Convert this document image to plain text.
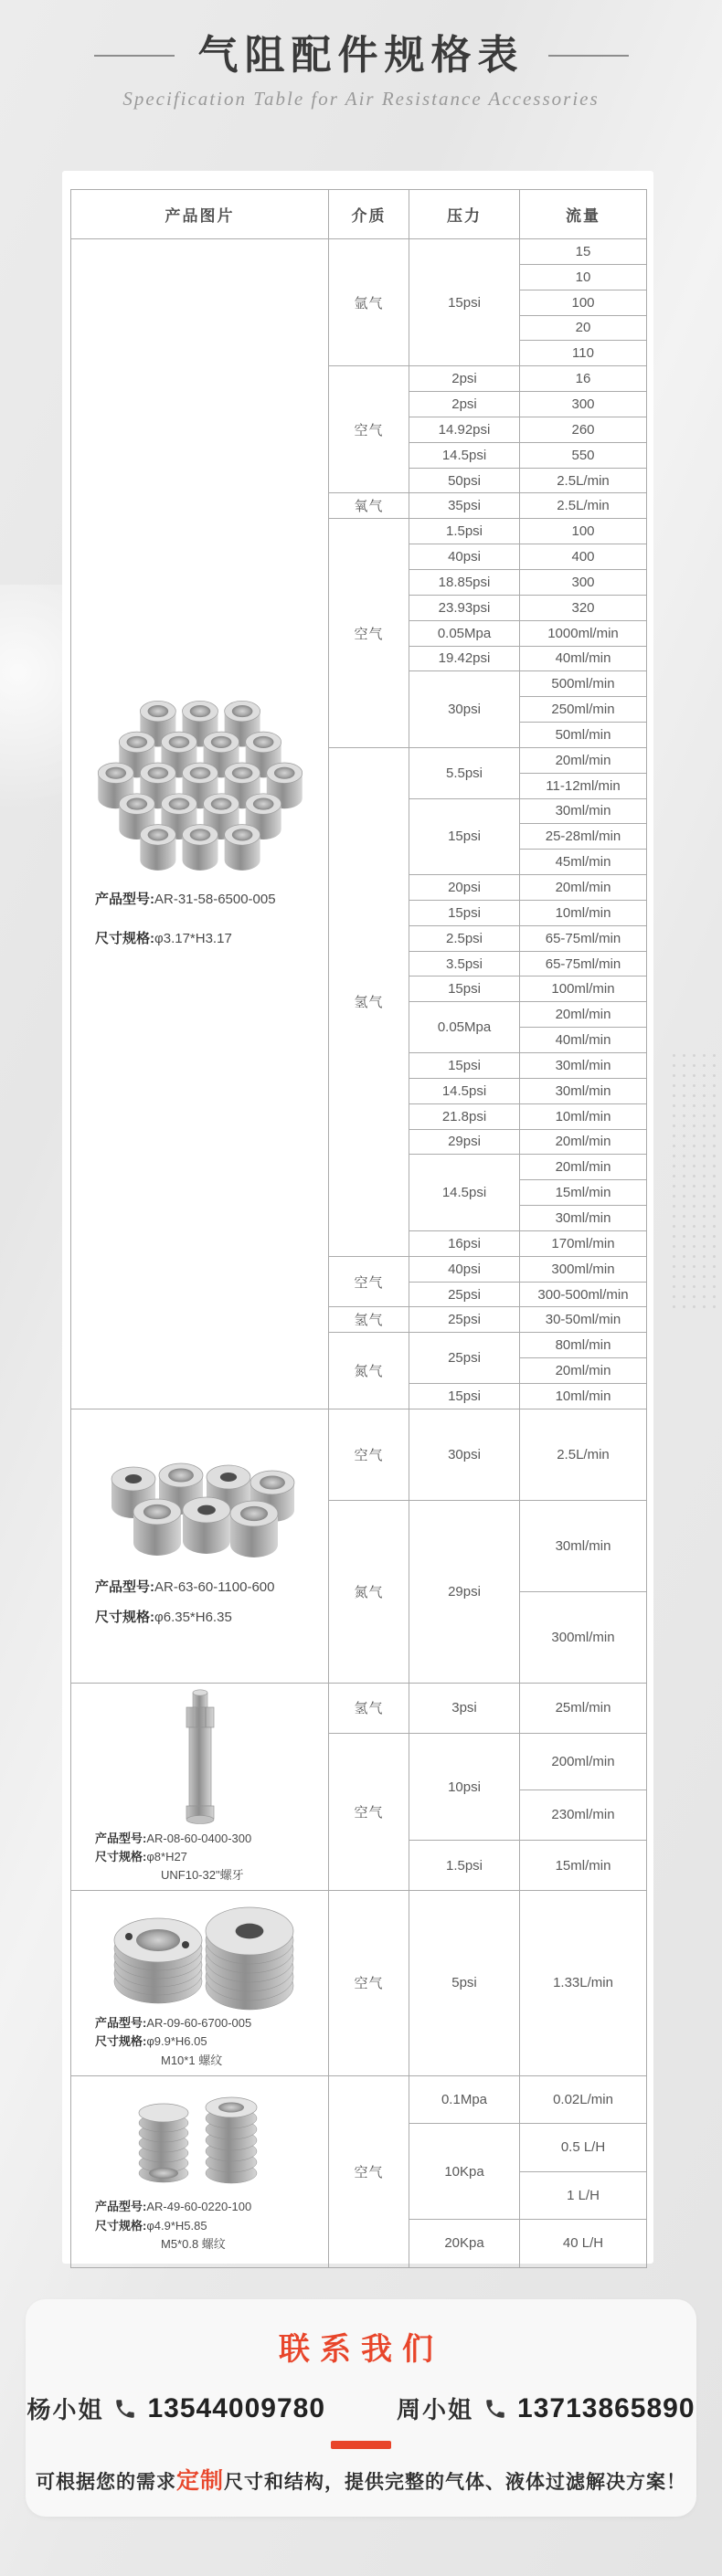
气阻配件规格表
Specification Table for Air Resistance Accessories
产品图片	介质	压力	流量

产品型号:AR-31-58-6500-005
尺寸规格:φ3.17*H3.17	氩气	15psi	15
			10
			100
			20
			110
	空气	2psi	16
		2psi	300
		14.92psi	260
		14.5psi	550
		50psi	2.5L/min
	氧气	35psi	2.5L/min
	空气	1.5psi	100
		40psi	400
		18.85psi	300
		23.93psi	320
		0.05Mpa	1000ml/min
		19.42psi	40ml/min
		30psi	500ml/min
			250ml/min
			50ml/min
	氢气	5.5psi	20ml/min
			11-12ml/min
		15psi	30ml/min
			25-28ml/min
			45ml/min
		20psi	20ml/min
		15psi	10ml/min
		2.5psi	65-75ml/min
		3.5psi	65-75ml/min
		15psi	100ml/min
		0.05Mpa	20ml/min
			40ml/min
		15psi	30ml/min
		14.5psi	30ml/min
		21.8psi	10ml/min
		29psi	20ml/min
		14.5psi	20ml/min
			15ml/min
			30ml/min
		16psi	170ml/min
	空气	40psi	300ml/min
		25psi	300-500ml/min
	氢气	25psi	30-50ml/min
	氮气	25psi	80ml/min
			20ml/min
		15psi	10ml/min

产品型号:AR-63-60-1100-600
尺寸规格:φ6.35*H6.35	空气	30psi	2.5L/min
	氮气	29psi	30ml/min
			300ml/min

产品型号:AR-08-60-0400-300
尺寸规格:φ8*H27
UNF10-32"螺牙	氢气	3psi	25ml/min
	空气	10psi	200ml/min
			230ml/min
		1.5psi	15ml/min

产品型号:AR-09-60-6700-005
尺寸规格:φ9.9*H6.05
M10*1 螺纹	空气	5psi	1.33L/min

产品型号:AR-49-60-0220-100
尺寸规格:φ4.9*H5.85
M5*0.8 螺纹	空气	0.1Mpa	0.02L/min
		10Kpa	0.5 L/H
			1 L/H
		20Kpa	40 L/H
联系我们
杨小姐 13544009780	周小姐 13713865890
可根据您的需求定制尺寸和结构，提供完整的气体、液体过滤解决方案！
